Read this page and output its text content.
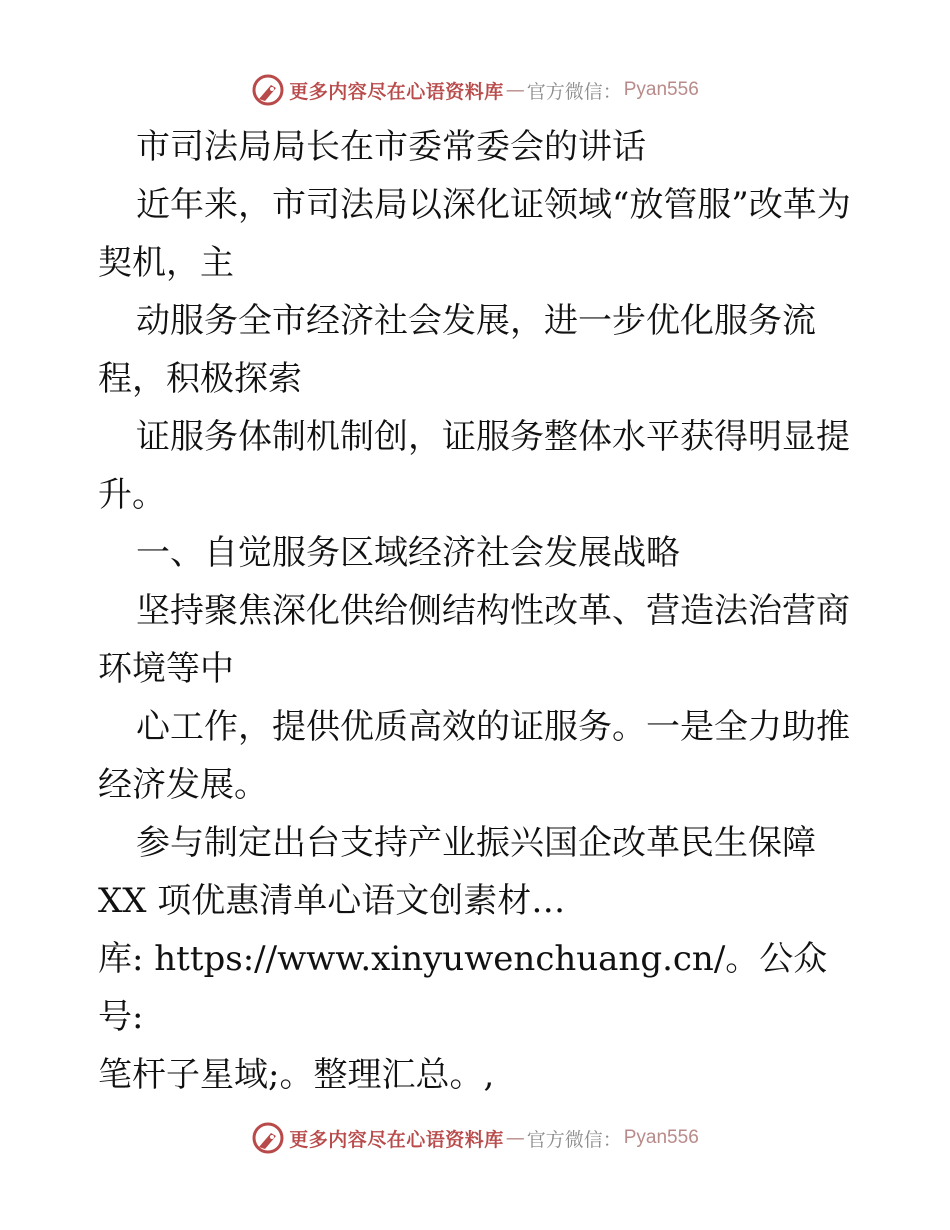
更多内容尽在心语资料库 — 官方微信： Pyan556

市司法局局长在市委常委会的讲话

近年来，市司法局以深化证领域“放管服”改革为契机，主

动服务全市经济社会发展，进一步优化服务流程，积极探索

证服务体制机制创，证服务整体水平获得明显提升。

一、自觉服务区域经济社会发展战略

坚持聚焦深化供给侧结构性改革、营造法治营商环境等中

心工作，提供优质高效的证服务。一是全力助推经济发展。

参与制定出台支持产业振兴国企改革民生保障XX 项优惠清单心语文创素材…

库: https://www.xinyuwenchuang.cn/。公众号:

笔杆子星域;。整理汇总。,

更多内容尽在心语资料库 — 官方微信： Pyan556
